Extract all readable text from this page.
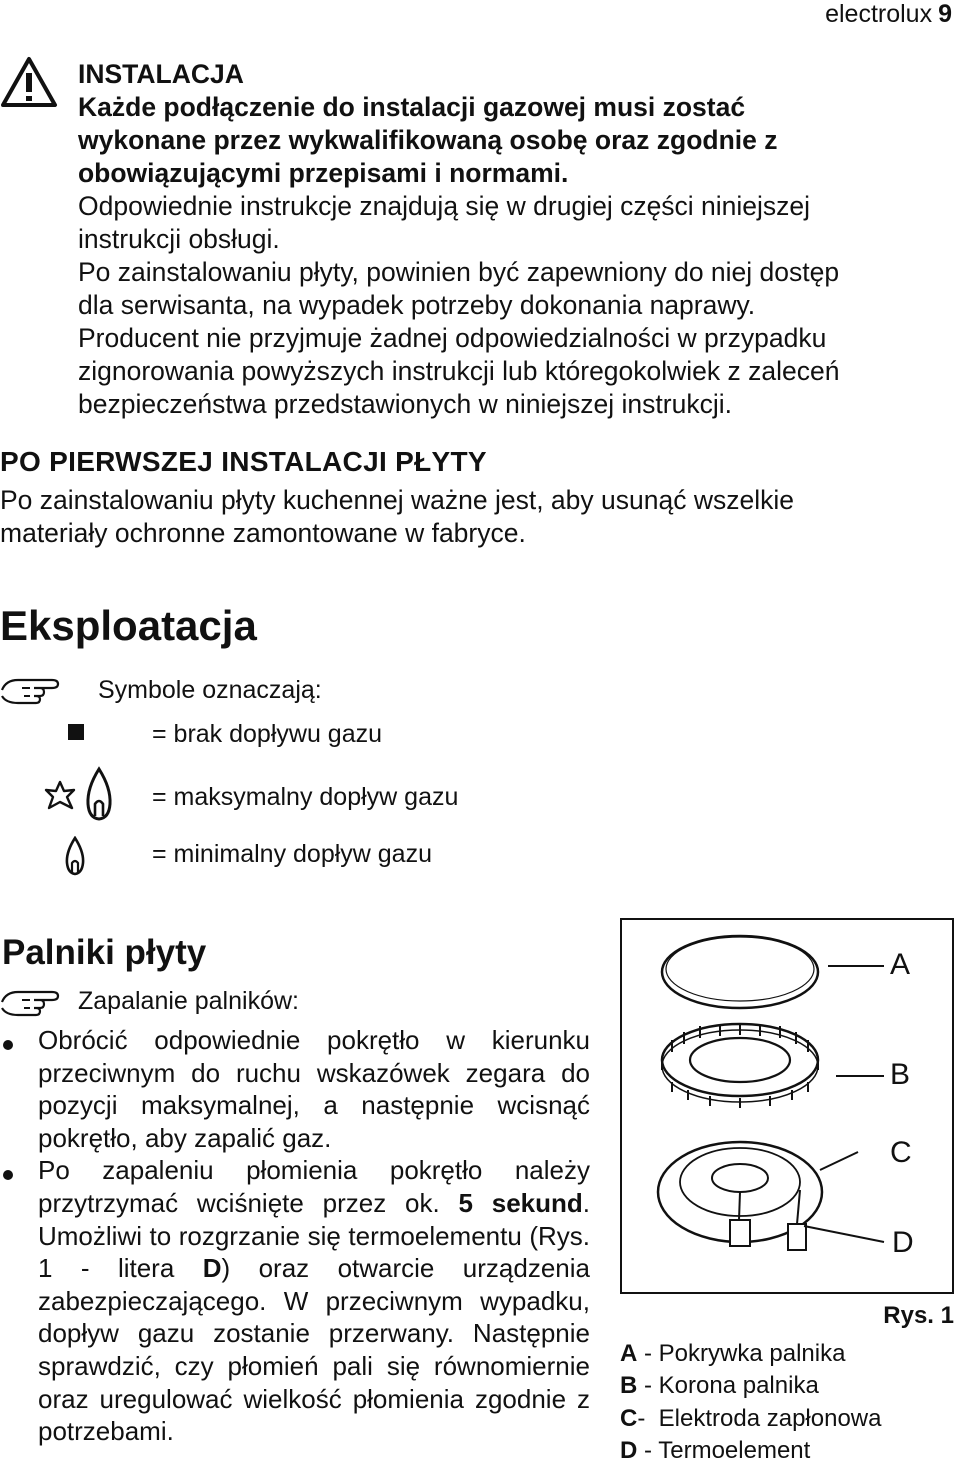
electrolux 9
INSTALACJA
Każde podłączenie do instalacji gazowej musi zostać
wykonane przez wykwalifikowaną osobę oraz zgodnie z
obowiązującymi przepisami i normami.
Odpowiednie instrukcje znajdują się w drugiej części niniejszej
instrukcji obsługi.
Po zainstalowaniu płyty, powinien być zapewniony do niej dostęp
dla serwisanta, na wypadek potrzeby dokonania naprawy.
Producent nie przyjmuje żadnej odpowiedzialności w przypadku
zignorowania powyższych instrukcji lub któregokolwiek z zaleceń
bezpieczeństwa przedstawionych w niniejszej instrukcji.
PO PIERWSZEJ INSTALACJI PŁYTY
Po zainstalowaniu płyty kuchennej ważne jest, aby usunąć wszelkie
materiały ochronne zamontowane w fabryce.
Eksploatacja
Symbole oznaczają:
= brak dopływu gazu
= maksymalny dopływ gazu
= minimalny dopływ gazu
Palniki płyty
Zapalanie palników:

Obrócić odpowiednie pokrętło w kierunku przeciwnym do ruchu wskazówek zegara do pozycji maksymalnej, a następnie wcisnąć pokrętło, aby zapalić gaz.

Po zapaleniu płomienia pokrętło należy przytrzymać wciśnięte przez ok. 5 sekund. Umożliwi to rozgrzanie się termoelementu (Rys. 1 - litera D) oraz otwarcie urządzenia zabezpieczającego. W przeciwnym wypadku, dopływ gazu zostanie przerwany. Następnie sprawdzić, czy płomień pali się równomiernie oraz uregulować wielkość płomienia zgodnie z potrzebami.

A
B
C
D
Rys. 1
A - Pokrywka palnika
B - Korona palnika
C-  Elektroda zapłonowa
D - Termoelement
